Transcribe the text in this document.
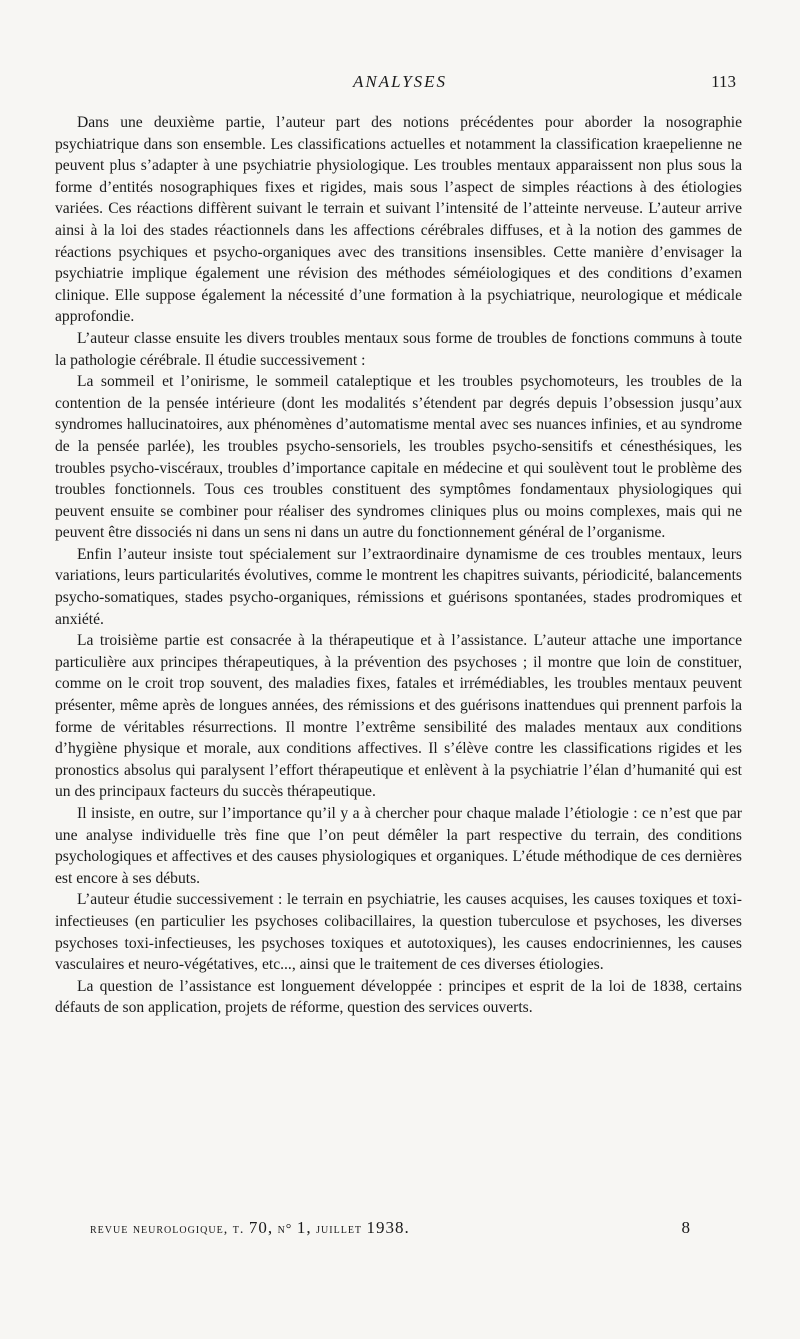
ANALYSES	113

Dans une deuxième partie, l’auteur part des notions précédentes pour aborder la nosographie psychiatrique dans son ensemble. Les classifications actuelles et notamment la classification kraepelienne ne peuvent plus s’adapter à une psychiatrie physiologique. Les troubles mentaux apparaissent non plus sous la forme d’entités nosographiques fixes et rigides, mais sous l’aspect de simples réactions à des étiologies variées. Ces réactions diffèrent suivant le terrain et suivant l’intensité de l’atteinte nerveuse. L’auteur arrive ainsi à la loi des stades réactionnels dans les affections cérébrales diffuses, et à la notion des gammes de réactions psychiques et psycho-organiques avec des transitions insensibles. Cette manière d’envisager la psychiatrie implique également une révision des méthodes séméiologiques et des conditions d’examen clinique. Elle suppose également la nécessité d’une formation à la psychiatrique, neurologique et médicale approfondie.

L’auteur classe ensuite les divers troubles mentaux sous forme de troubles de fonctions communs à toute la pathologie cérébrale. Il étudie successivement :

La sommeil et l’onirisme, le sommeil cataleptique et les troubles psychomoteurs, les troubles de la contention de la pensée intérieure (dont les modalités s’étendent par degrés depuis l’obsession jusqu’aux syndromes hallucinatoires, aux phénomènes d’automatisme mental avec ses nuances infinies, et au syndrome de la pensée parlée), les troubles psycho-sensoriels, les troubles psycho-sensitifs et cénesthésiques, les troubles psycho-viscéraux, troubles d’importance capitale en médecine et qui soulèvent tout le problème des troubles fonctionnels. Tous ces troubles constituent des symptômes fondamentaux physiologiques qui peuvent ensuite se combiner pour réaliser des syndromes cliniques plus ou moins complexes, mais qui ne peuvent être dissociés ni dans un sens ni dans un autre du fonctionnement général de l’organisme.

Enfin l’auteur insiste tout spécialement sur l’extraordinaire dynamisme de ces troubles mentaux, leurs variations, leurs particularités évolutives, comme le montrent les chapitres suivants, périodicité, balancements psycho-somatiques, stades psycho-organiques, rémissions et guérisons spontanées, stades prodromiques et anxiété.

La troisième partie est consacrée à la thérapeutique et à l’assistance. L’auteur attache une importance particulière aux principes thérapeutiques, à la prévention des psychoses ; il montre que loin de constituer, comme on le croit trop souvent, des maladies fixes, fatales et irrémédiables, les troubles mentaux peuvent présenter, même après de longues années, des rémissions et des guérisons inattendues qui prennent parfois la forme de véritables résurrections. Il montre l’extrême sensibilité des malades mentaux aux conditions d’hygiène physique et morale, aux conditions affectives. Il s’élève contre les classifications rigides et les pronostics absolus qui paralysent l’effort thérapeutique et enlèvent à la psychiatrie l’élan d’humanité qui est un des principaux facteurs du succès thérapeutique.

Il insiste, en outre, sur l’importance qu’il y a à chercher pour chaque malade l’étiologie : ce n’est que par une analyse individuelle très fine que l’on peut démêler la part respective du terrain, des conditions psychologiques et affectives et des causes physiologiques et organiques. L’étude méthodique de ces dernières est encore à ses débuts.

L’auteur étudie successivement : le terrain en psychiatrie, les causes acquises, les causes toxiques et toxi-infectieuses (en particulier les psychoses colibacillaires, la question tuberculose et psychoses, les diverses psychoses toxi-infectieuses, les psychoses toxiques et autotoxiques), les causes endocriniennes, les causes vasculaires et neuro-végétatives, etc..., ainsi que le traitement de ces diverses étiologies.

La question de l’assistance est longuement développée : principes et esprit de la loi de 1838, certains défauts de son application, projets de réforme, question des services ouverts.

revue neurologique, t. 70, n° 1, juillet 1938.	8
